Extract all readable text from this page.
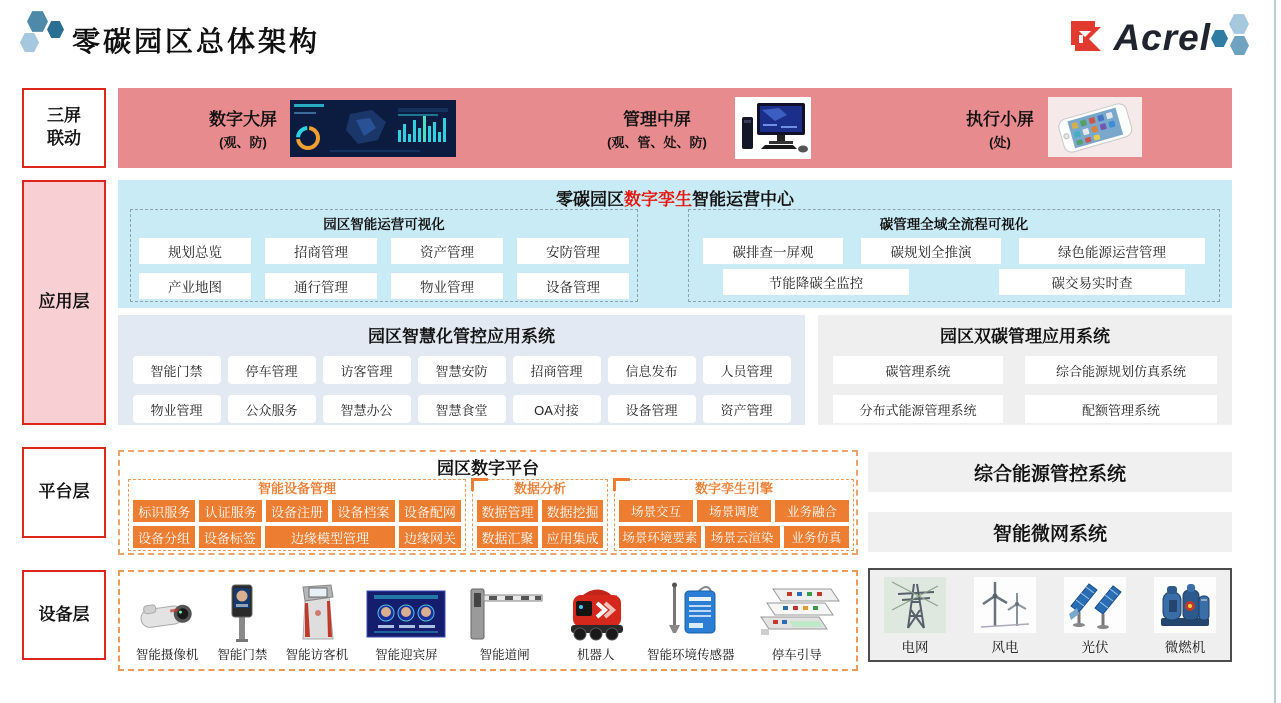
零碳园区总体架构	Acrel
三屏联动
数字大屏
(观、防)
管理中屏
(观、管、处、防)
执行小屏
(处)
应用层
零碳园区数字孪生智能运营中心
园区智能运营可视化
规划总览	招商管理	资产管理	安防管理
产业地图	通行管理	物业管理	设备管理
碳管理全域全流程可视化
碳排查一屏观	碳规划全推演	绿色能源运营管理
节能降碳全监控	碳交易实时查
园区智慧化管控应用系统
智能门禁	停车管理	访客管理	智慧安防	招商管理	信息发布	人员管理
物业管理	公众服务	智慧办公	智慧食堂	OA对接	设备管理	资产管理
园区双碳管理应用系统
碳管理系统	综合能源规划仿真系统
分布式能源管理系统	配额管理系统
平台层
园区数字平台
智能设备管理
标识服务	认证服务	设备注册	设备档案	设备配网
设备分组	设备标签	边缘模型管理	边缘网关
数据分析
数据管理 数据挖掘
数据汇聚 应用集成
数字孪生引擎
场景交互	场景调度	业务融合
场景环境要素	场景云渲染	业务仿真
综合能源管控系统
智能微网系统
设备层
智能摄像机 智能门禁 智能访客机 智能迎宾屏	智能道闸	机器人	智能环境传感器	停车引导	电网	风电	光伏	微燃机
